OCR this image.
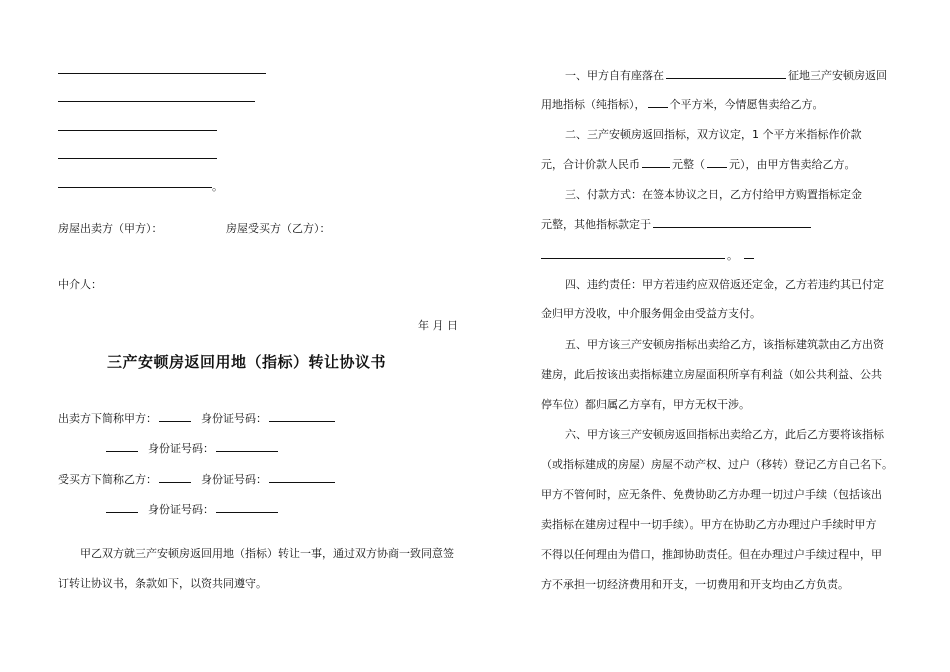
。
房屋出卖方（甲方）：	房屋受买方（乙方）：
中介人：
年 月 日
三产安顿房返回用地（指标）转让协议书
出卖方下简称甲方：	身份证号码：
身份证号码：
受买方下简称乙方：	身份证号码：
身份证号码：
甲乙双方就三产安顿房返回用地（指标）转让一事，通过双方协商一致同意签
订转让协议书，条款如下，以资共同遵守。
一、甲方自有座落在	征地三产安顿房返回
用地指标（纯指标）， 个平方米，今情愿售卖给乙方。
二、三产安顿房返回指标，双方议定，1 个平方米指标作价款
元，合计价款人民币	元整（ 元），由甲方售卖给乙方。
三、付款方式：在签本协议之日，乙方付给甲方购置指标定金
元整，其他指标款定于
。
四、违约责任：甲方若违约应双倍返还定金，乙方若违约其已付定
金归甲方没收，中介服务佣金由受益方支付。
五、甲方该三产安顿房指标出卖给乙方，该指标建筑款由乙方出资
建房，此后按该出卖指标建立房屋面积所享有利益（如公共利益、公共
停车位）都归属乙方享有，甲方无权干涉。
六、甲方该三产安顿房返回指标出卖给乙方，此后乙方要将该指标
（或指标建成的房屋）房屋不动产权、过户（移转）登记乙方自己名下。
甲方不管何时，应无条件、免费协助乙方办理一切过户手续（包括该出
卖指标在建房过程中一切手续）。甲方在协助乙方办理过户手续时甲方
不得以任何理由为借口，推卸协助责任。但在办理过户手续过程中，甲
方不承担一切经济费用和开支，一切费用和开支均由乙方负责。
